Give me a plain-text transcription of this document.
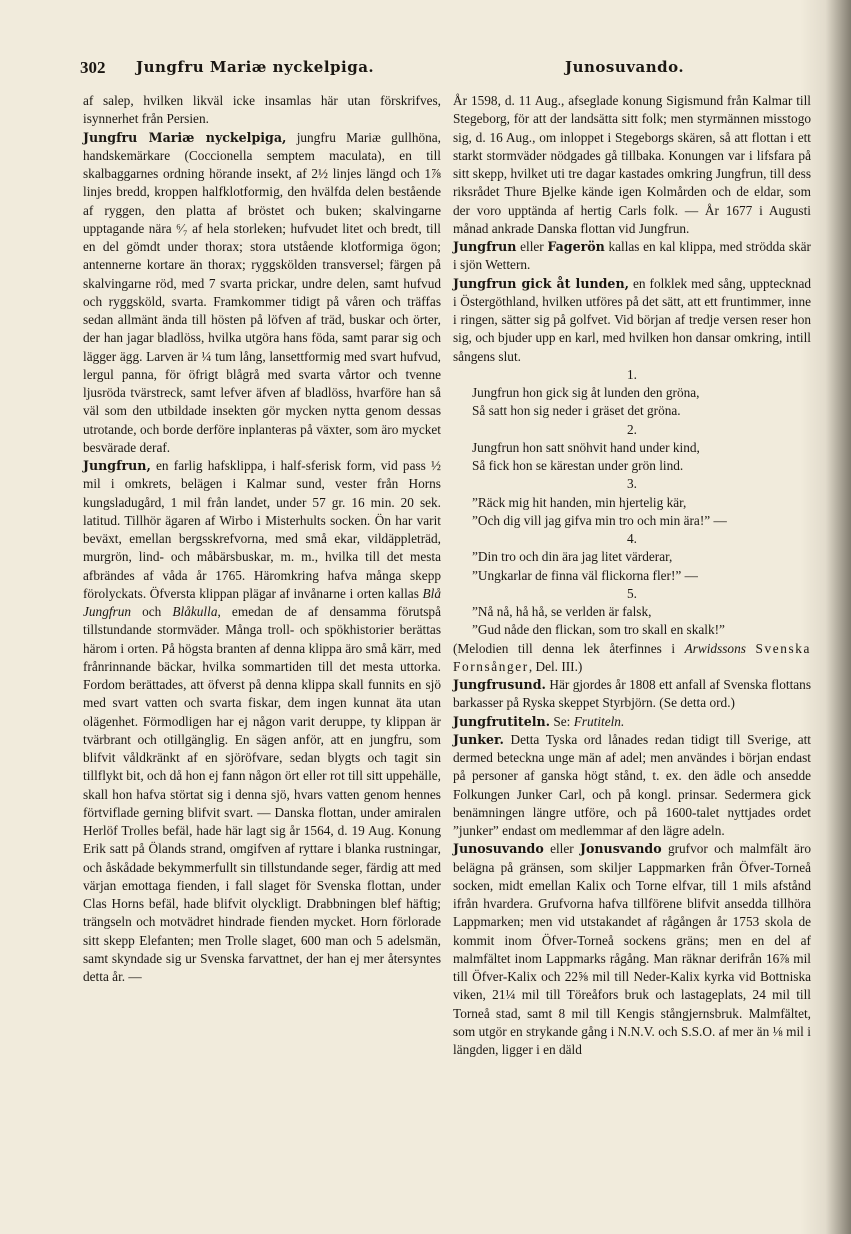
302 Jungfru Mariæ nyckelpiga.	Junosuvando.

af salep, hvilken likväl icke insamlas här utan förskrifves, isynnerhet från Persien.

Jungfru Mariæ nyckelpiga, jungfru Mariæ gullhöna, handskemärkare (Coccionella semptem maculata), en till skalbaggarnes ordning hörande insekt, af 2½ linjes längd och 1⅞ linjes bredd, kroppen halfklotformig, den hvälfda delen bestående af ryggen, den platta af bröstet och buken; skalvingarne upptagande nära ⁶⁄₇ af hela storleken; hufvudet litet och bredt, till en del gömdt under thorax; stora utstående klotformiga ögon; antennerne kortare än thorax; ryggskölden transversel; färgen på skalvingarne röd, med 7 svarta prickar, undre delen, samt hufvud och ryggsköld, svarta. Framkommer tidigt på våren och träffas sedan allmänt ända till hösten på löfven af träd, buskar och örter, der han jagar bladlöss, hvilka utgöra hans föda, samt parar sig och lägger ägg. Larven är ¼ tum lång, lansettformig med svart hufvud, lergul panna, för öfrigt blågrå med svarta vårtor och tvenne ljusröda tvärstreck, samt lefver äfven af bladlöss, hvarföre han så väl som den utbildade insekten gör mycken nytta genom dessas utrotande, och borde derföre inplanteras på växter, som äro mycket besvärade deraf.

Jungfrun, en farlig hafsklippa, i half-sferisk form, vid pass ½ mil i omkrets, belägen i Kalmar sund, vester från Horns kungsladugård, 1 mil från landet, under 57 gr. 16 min. 20 sek. latitud. Tillhör ägaren af Wirbo i Misterhults socken. Ön har varit beväxt, emellan bergsskrefvorna, med små ekar, vildäppleträd, murgrön, lind- och måbärsbuskar, m. m., hvilka till det mesta afbrändes af våda år 1765. Häromkring hafva många skepp förolyckats. Öfversta klippan plägar af invånarne i orten kallas Blå Jungfrun och Blåkulla, emedan de af densamma förutspå tillstundande stormväder. Många troll- och spökhistorier berättas härom i orten. På högsta branten af denna klippa äro små kärr, med frånrinnande bäckar, hvilka sommartiden till det mesta uttorka. Fordom berättades, att öfverst på denna klippa skall funnits en sjö med svart vatten och svarta fiskar, dem ingen kunnat äta utan olägenhet. Förmodligen har ej någon varit deruppe, ty klippan är tvärbrant och otillgänglig. En sägen anför, att en jungfru, som blifvit våldkränkt af en sjöröfvare, sedan blygts och tagit sin tillflykt bit, och då hon ej fann någon ört eller rot till sitt uppehälle, skall hon hafva störtat sig i denna sjö, hvars vatten genom hennes förtviflade gerning blifvit svart. — Danska flottan, under amiralen Herlöf Trolles befäl, hade här lagt sig år 1564, d. 19 Aug. Konung Erik satt på Ölands strand, omgifven af ryttare i blanka rustningar, och åskådade bekymmerfullt sin tillstundande seger, färdig att med värjan emottaga fienden, i fall slaget för Svenska flottan, under Clas Horns befäl, hade blifvit olyckligt. Drabbningen blef häftig; trängseln och motvädret hindrade fienden mycket. Horn förlorade sitt skepp Elefanten; men Trolle slaget, 600 man och 5 adelsmän, samt skyndade sig ur Svenska farvattnet, der han ej mer återsyntes detta år. —

År 1598, d. 11 Aug., afseglade konung Sigismund från Kalmar till Stegeborg, för att der landsätta sitt folk; men styrmännen misstogo sig, d. 16 Aug., om inloppet i Stegeborgs skären, så att flottan i ett starkt stormväder nödgades gå tillbaka. Konungen var i lifsfara på sitt skepp, hvilket uti tre dagar kastades omkring Jungfrun, till dess riksrådet Thure Bjelke kände igen Kolmården och de eldar, som der voro upptända af hertig Carls folk. — År 1677 i Augusti månad ankrade Danska flottan vid Jungfrun.

Jungfrun eller Fagerön kallas en kal klippa, med strödda skär i sjön Wettern.

Jungfrun gick åt lunden, en folklek med sång, upptecknad i Östergöthland, hvilken utföres på det sätt, att ett fruntimmer, inne i ringen, sätter sig på golfvet. Vid början af tredje versen reser hon sig, och bjuder upp en karl, med hvilken hon dansar omkring, intill sångens slut.

1.
Jungfrun hon gick sig åt lunden den gröna,
Så satt hon sig neder i gräset det gröna.
2.
Jungfrun hon satt snöhvit hand under kind,
Så fick hon se kärestan under grön lind.
3.
”Räck mig hit handen, min hjertelig kär,
”Och dig vill jag gifva min tro och min ära!” —
4.
”Din tro och din ära jag litet värderar,
”Ungkarlar de finna väl flickorna fler!” —
5.
”Nå nå, hå hå, se verlden är falsk,
”Gud nåde den flickan, som tro skall en skalk!”

(Melodien till denna lek återfinnes i Arwidssons Svenska Fornsånger, Del. III.)

Jungfrusund. Här gjordes år 1808 ett anfall af Svenska flottans barkasser på Ryska skeppet Styrbjörn. (Se detta ord.)

Jungfrutiteln. Se: Frutiteln.

Junker. Detta Tyska ord lånades redan tidigt till Sverige, att dermed beteckna unge män af adel; men användes i början endast på personer af ganska högt stånd, t. ex. den ädle och ansedde Folkungen Junker Carl, och på kongl. prinsar. Sedermera gick benämningen längre utföre, och på 1600-talet nyttjades ordet ”junker” endast om medlemmar af den lägre adeln.

Junosuvando eller Jonusvando grufvor och malmfält äro belägna på gränsen, som skiljer Lappmarken från Öfver-Torneå socken, midt emellan Kalix och Torne elfvar, till 1 mils afstånd ifrån hvardera. Grufvorna hafva tillförene blifvit ansedda tillhöra Lappmarken; men vid utstakandet af rågången år 1753 skola de kommit inom Öfver-Torneå sockens gräns; men en del af malmfältet inom Lappmarks rågång. Man räknar derifrån 16⅞ mil till Öfver-Kalix och 22⅝ mil till Neder-Kalix kyrka vid Bottniska viken, 21¼ mil till Töreåfors bruk och lastageplats, 24 mil till Torneå stad, samt 8 mil till Kengis stångjernsbruk. Malmfältet, som utgör en strykande gång i N.N.V. och S.S.O. af mer än ⅛ mil i längden, ligger i en däld
